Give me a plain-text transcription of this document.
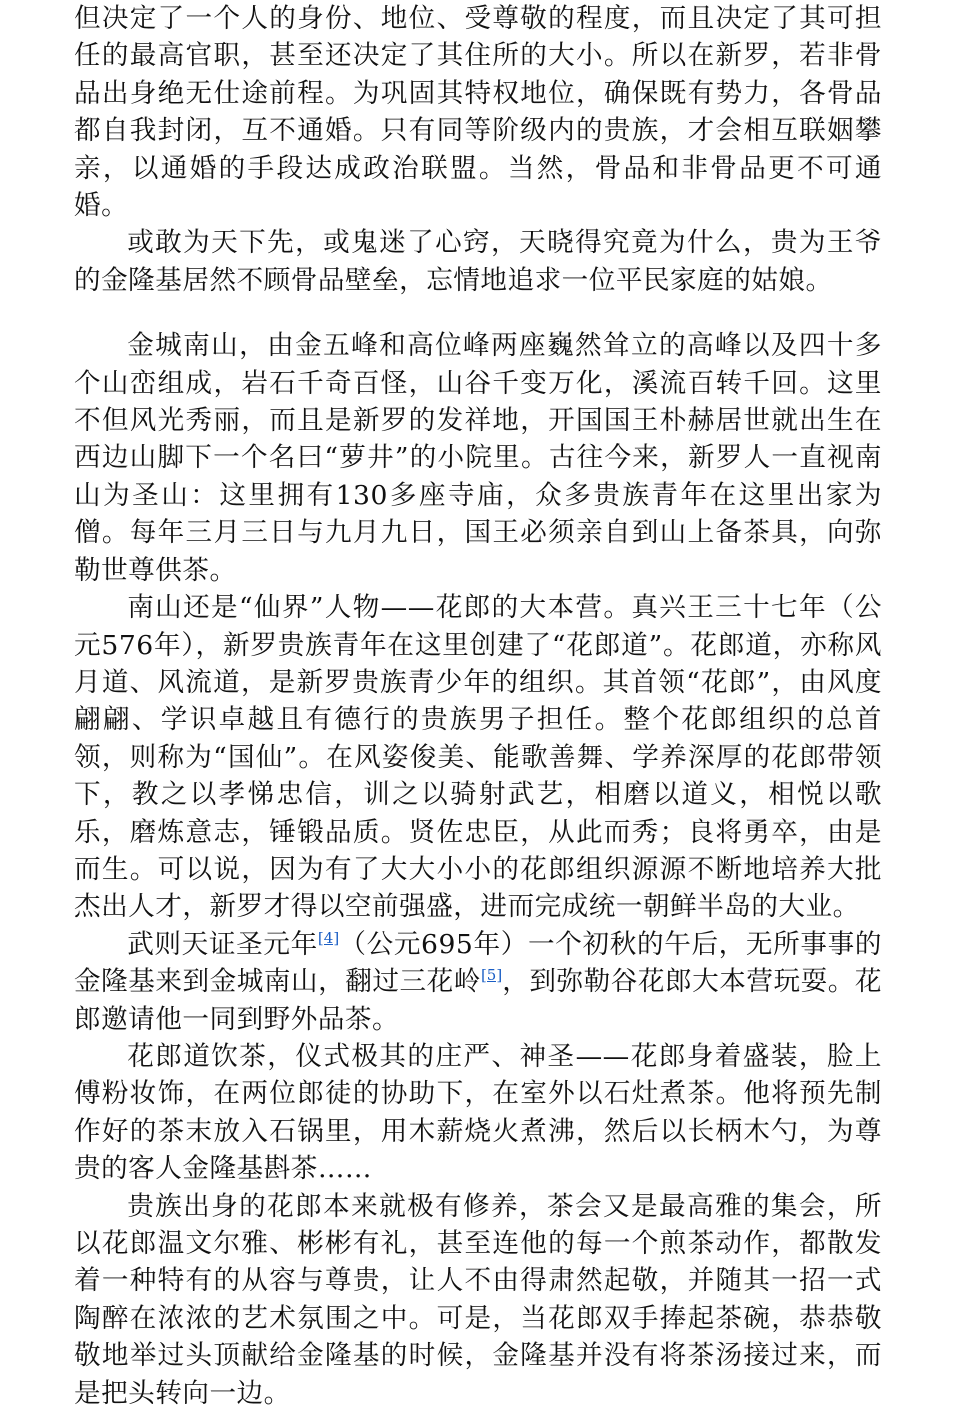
但决定了一个人的身份、地位、受尊敬的程度，而且决定了其可担任的最高官职，甚至还决定了其住所的大小。所以在新罗，若非骨品出身绝无仕途前程。为巩固其特权地位，确保既有势力，各骨品都自我封闭，互不通婚。只有同等阶级内的贵族，才会相互联姻攀亲，以通婚的手段达成政治联盟。当然，骨品和非骨品更不可通婚。

或敢为天下先，或鬼迷了心窍，天晓得究竟为什么，贵为王爷的金隆基居然不顾骨品壁垒，忘情地追求一位平民家庭的姑娘。

金城南山，由金五峰和高位峰两座巍然耸立的高峰以及四十多个山峦组成，岩石千奇百怪，山谷千变万化，溪流百转千回。这里不但风光秀丽，而且是新罗的发祥地，开国国王朴赫居世就出生在西边山脚下一个名曰“萝井”的小院里。古往今来，新罗人一直视南山为圣山：这里拥有130多座寺庙，众多贵族青年在这里出家为僧。每年三月三日与九月九日，国王必须亲自到山上备茶具，向弥勒世尊供茶。

南山还是“仙界”人物——花郎的大本营。真兴王三十七年（公元576年），新罗贵族青年在这里创建了“花郎道”。花郎道，亦称风月道、风流道，是新罗贵族青少年的组织。其首领“花郎”，由风度翩翩、学识卓越且有德行的贵族男子担任。整个花郎组织的总首领，则称为“国仙”。在风姿俊美、能歌善舞、学养深厚的花郎带领下，教之以孝悌忠信，训之以骑射武艺，相磨以道义，相悦以歌乐，磨炼意志，锤锻品质。贤佐忠臣，从此而秀；良将勇卒，由是而生。可以说，因为有了大大小小的花郎组织源源不断地培养大批杰出人才，新罗才得以空前强盛，进而完成统一朝鲜半岛的大业。

武则天证圣元年[4]（公元695年）一个初秋的午后，无所事事的金隆基来到金城南山，翻过三花岭[5]，到弥勒谷花郎大本营玩耍。花郎邀请他一同到野外品茶。

花郎道饮茶，仪式极其的庄严、神圣——花郎身着盛装，脸上傅粉妆饰，在两位郎徒的协助下，在室外以石灶煮茶。他将预先制作好的茶末放入石锅里，用木薪烧火煮沸，然后以长柄木勺，为尊贵的客人金隆基斟茶……

贵族出身的花郎本来就极有修养，茶会又是最高雅的集会，所以花郎温文尔雅、彬彬有礼，甚至连他的每一个煎茶动作，都散发着一种特有的从容与尊贵，让人不由得肃然起敬，并随其一招一式陶醉在浓浓的艺术氛围之中。可是，当花郎双手捧起茶碗，恭恭敬敬地举过头顶献给金隆基的时候，金隆基并没有将茶汤接过来，而是把头转向一边。
